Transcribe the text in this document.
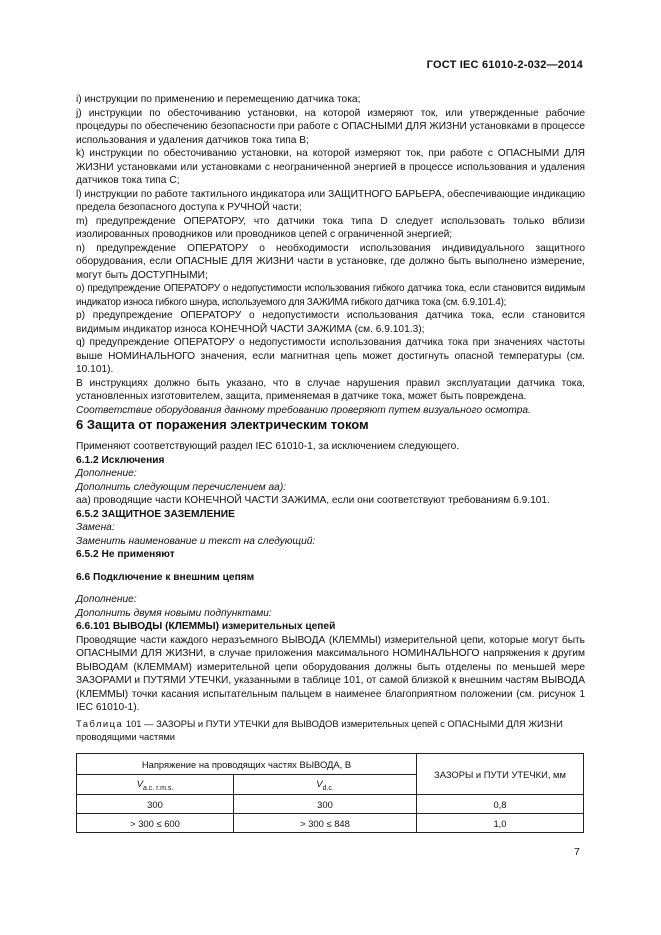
ГОСТ IEC 61010-2-032—2014

i) инструкции по применению и перемещению датчика тока;

j) инструкции по обесточиванию установки, на которой измеряют ток, или утвержденные рабочие процедуры по обеспечению безопасности при работе с ОПАСНЫМИ ДЛЯ ЖИЗНИ установками в процессе использования и удаления датчиков тока типа В;

k) инструкции по обесточиванию установки, на которой измеряют ток, при работе с ОПАСНЫМИ ДЛЯ ЖИЗНИ установками или установками с неограниченной энергией в процессе использования и удаления датчиков тока типа С;

l) инструкции по работе тактильного индикатора или ЗАЩИТНОГО БАРЬЕРА, обеспечивающие индикацию предела безопасного доступа к РУЧНОЙ части;

m) предупреждение ОПЕРАТОРУ, что датчики тока типа D следует использовать только вблизи изолированных проводников или проводников цепей с ограниченной энергией;

n) предупреждение ОПЕРАТОРУ о необходимости использования индивидуального защитного оборудования, если ОПАСНЫЕ ДЛЯ ЖИЗНИ части в установке, где должно быть выполнено измерение, могут быть ДОСТУПНЫМИ;

o) предупреждение ОПЕРАТОРУ о недопустимости использования гибкого датчика тока, если становится видимым индикатор износа гибкого шнура, используемого для ЗАЖИМА гибкого датчика тока (см. 6.9.101.4);

p) предупреждение ОПЕРАТОРУ о недопустимости использования датчика тока, если становится видимым индикатор износа КОНЕЧНОЙ ЧАСТИ ЗАЖИМА (см. 6.9.101.3);

q) предупреждение ОПЕРАТОРУ о недопустимости использования датчика тока при значениях частоты выше НОМИНАЛЬНОГО значения, если магнитная цепь может достигнуть опасной температуры (см. 10.101).

В инструкциях должно быть указано, что в случае нарушения правил эксплуатации датчика тока, установленных изготовителем, защита, применяемая в датчике тока, может быть повреждена.

Соответствие оборудования данному требованию проверяют путем визуального осмотра.

6 Защита от поражения электрическим током

Применяют соответствующий раздел IEC 61010-1, за исключением следующего.

6.1.2 Исключения

Дополнение:

Дополнить следующим перечислением аа):

аа) проводящие части КОНЕЧНОЙ ЧАСТИ ЗАЖИМА, если они соответствуют требованиям 6.9.101.

6.5.2 ЗАЩИТНОЕ ЗАЗЕМЛЕНИЕ

Замена:

Заменить наименование и текст на следующий:

6.5.2 Не применяют

6.6 Подключение к внешним цепям

Дополнение:

Дополнить двумя новыми подпунктами:

6.6.101 ВЫВОДЫ (КЛЕММЫ) измерительных цепей

Проводящие части каждого неразъемного ВЫВОДА (КЛЕММЫ) измерительной цепи, которые могут быть ОПАСНЫМИ ДЛЯ ЖИЗНИ, в случае приложения максимального НОМИНАЛЬНОГО напряжения к другим ВЫВОДАМ (КЛЕММАМ) измерительной цепи оборудования должны быть отделены по меньшей мере ЗАЗОРАМИ и ПУТЯМИ УТЕЧКИ, указанными в таблице 101, от самой близкой к внешним частям ВЫВОДА (КЛЕММЫ) точки касания испытательным пальцем в наименее благоприятном положении (см. рисунок 1 IEC 61010-1).

Таблица 101 — ЗАЗОРЫ и ПУТИ УТЕЧКИ для ВЫВОДОВ измерительных цепей с ОПАСНЫМИ ДЛЯ ЖИЗНИ проводящими частями
Напряжение на проводящих частях ВЫВОДА, В		ЗАЗОРЫ и ПУТИ УТЕЧКИ, мм
$V_{a.c. r.m.s.}$	$V_{d.c.}$
300	300	0,8
> 300 ≤ 600	> 300 ≤ 848	1,0
7
